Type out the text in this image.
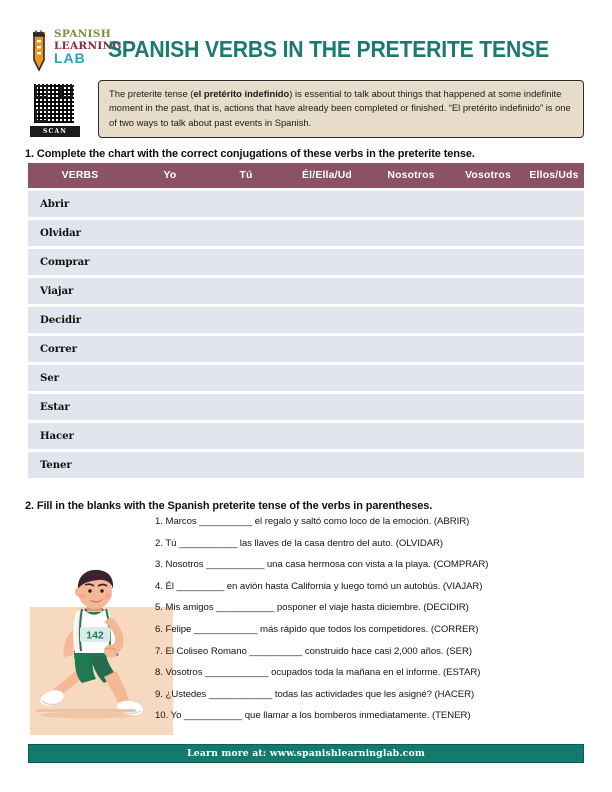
SPANISH
LEARNING
LAB SPANISH VERBS IN THE PRETERITE TENSE
SCAN HERE
The preterite tense (el pretérito indefinido) is essential to talk about things that happened at some indefinite moment in the past, that is, actions that have already been completed or finished. “El pretérito indefinido” is one of two ways to talk about past events in Spanish.
1. Complete the chart with the correct conjugations of these verbs in the preterite tense.
VERBS	Yo	Tú	Él/Ella/Ud	Nosotros	Vosotros	Ellos/Uds
Abrir
Olvidar
Comprar
Viajar
Decidir
Correr
Ser
Estar
Hacer
Tener
2. Fill in the blanks with the Spanish preterite tense of the verbs in parentheses.
142
1. Marcos __________ el regalo y saltó como loco de la emoción. (ABRIR)
2. Tú ___________ las llaves de la casa dentro del auto. (OLVIDAR)
3. Nosotros ___________ una casa hermosa con vista a la playa. (COMPRAR)
4. Él _________ en avión hasta California y luego tomó un autobús. (VIAJAR)
5. Mis amigos ___________ posponer el viaje hasta diciembre. (DECIDIR)
6. Felipe ____________ más rápido que todos los competidores. (CORRER)
7. El Coliseo Romano __________ construido hace casi 2,000 años. (SER)
8. Vosotros ____________ ocupados toda la mañana en el informe. (ESTAR)
9. ¿Ustedes ____________ todas las actividades que les asigné? (HACER)
10. Yo ___________ que llamar a los bomberos inmediatamente. (TENER)
Learn more at: www.spanishlearninglab.com
